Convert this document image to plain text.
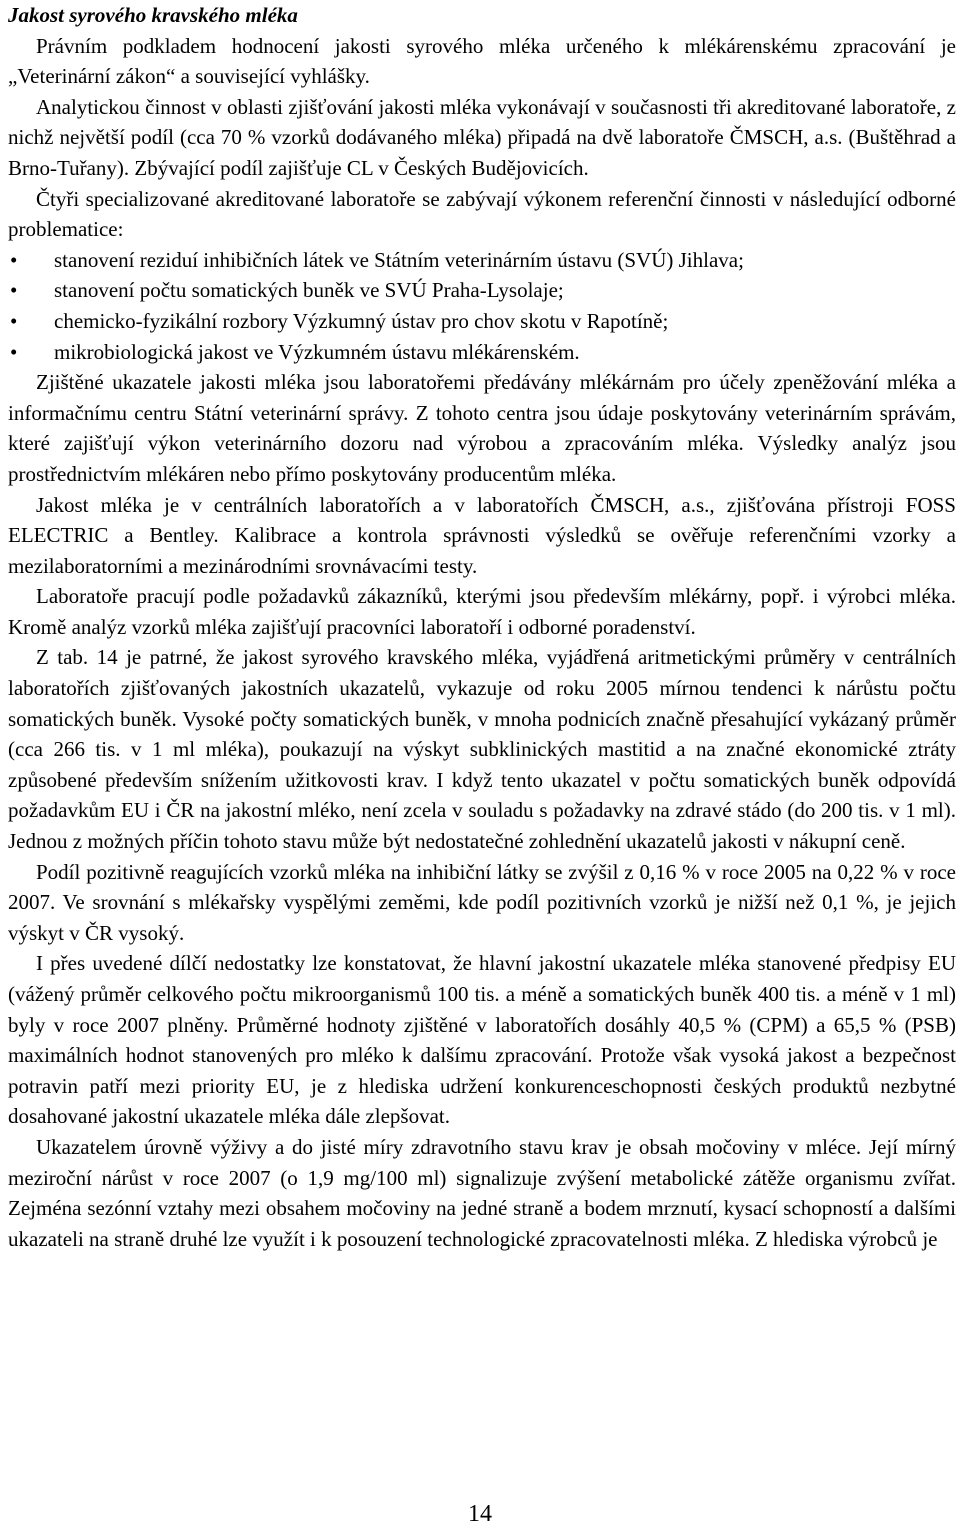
Jakost syrového kravského mléka

Právním podkladem hodnocení jakosti syrového mléka určeného k mlékárenskému zpracování je „Veterinární zákon“ a související vyhlášky.

Analytickou činnost v oblasti zjišťování jakosti mléka vykonávají v současnosti tři akreditované laboratoře, z nichž největší podíl (cca 70 % vzorků dodávaného mléka) připadá na dvě laboratoře ČMSCH, a.s. (Buštěhrad a Brno-Tuřany). Zbývající podíl zajišťuje CL v Českých Budějovicích.

Čtyři specializované akreditované laboratoře se zabývají výkonem referenční činnosti v následující odborné problematice:

• stanovení reziduí inhibičních látek ve Státním veterinárním ústavu (SVÚ) Jihlava;
• stanovení počtu somatických buněk ve SVÚ Praha-Lysolaje;
• chemicko-fyzikální rozbory Výzkumný ústav pro chov skotu v Rapotíně;
• mikrobiologická jakost ve Výzkumném ústavu mlékárenském.

Zjištěné ukazatele jakosti mléka jsou laboratořemi předávány mlékárnám pro účely zpeněžování mléka a informačnímu centru Státní veterinární správy. Z tohoto centra jsou údaje poskytovány veterinárním správám, které zajišťují výkon veterinárního dozoru nad výrobou a zpracováním mléka. Výsledky analýz jsou prostřednictvím mlékáren nebo přímo poskytovány producentům mléka.

Jakost mléka je v centrálních laboratořích a v laboratořích ČMSCH, a.s., zjišťována přístroji FOSS ELECTRIC a Bentley. Kalibrace a kontrola správnosti výsledků se ověřuje referenčními vzorky a mezilaboratorními a mezinárodními srovnávacími testy.

Laboratoře pracují podle požadavků zákazníků, kterými jsou především mlékárny, popř. i výrobci mléka. Kromě analýz vzorků mléka zajišťují pracovníci laboratoří i odborné poradenství.

Z tab. 14 je patrné, že jakost syrového kravského mléka, vyjádřená aritmetickými průměry v centrálních laboratořích zjišťovaných jakostních ukazatelů, vykazuje od roku 2005 mírnou tendenci k nárůstu počtu somatických buněk. Vysoké počty somatických buněk, v mnoha podnicích značně přesahující vykázaný průměr (cca 266 tis. v 1 ml mléka), poukazují na výskyt subklinických mastitid a na značné ekonomické ztráty způsobené především snížením užitkovosti krav. I když tento ukazatel v počtu somatických buněk odpovídá požadavkům EU i ČR na jakostní mléko, není zcela v souladu s požadavky na zdravé stádo (do 200 tis. v 1 ml). Jednou z možných příčin tohoto stavu může být nedostatečné zohlednění ukazatelů jakosti v nákupní ceně.

Podíl pozitivně reagujících vzorků mléka na inhibiční látky se zvýšil z 0,16 % v roce 2005 na 0,22 % v roce 2007. Ve srovnání s mlékařsky vyspělými zeměmi, kde podíl pozitivních vzorků je nižší než 0,1 %, je jejich výskyt v ČR vysoký.

I přes uvedené dílčí nedostatky lze konstatovat, že hlavní jakostní ukazatele mléka stanovené předpisy EU (vážený průměr celkového počtu mikroorganismů 100 tis. a méně a somatických buněk 400 tis. a méně v 1 ml) byly v roce 2007 plněny. Průměrné hodnoty zjištěné v laboratořích dosáhly 40,5 % (CPM) a 65,5 % (PSB) maximálních hodnot stanovených pro mléko k dalšímu zpracování. Protože však vysoká jakost a bezpečnost potravin patří mezi priority EU, je z hlediska udržení konkurenceschopnosti českých produktů nezbytné dosahované jakostní ukazatele mléka dále zlepšovat.

Ukazatelem úrovně výživy a do jisté míry zdravotního stavu krav je obsah močoviny v mléce. Její mírný meziroční nárůst v roce 2007 (o 1,9 mg/100 ml) signalizuje zvýšení metabolické zátěže organismu zvířat. Zejména sezónní vztahy mezi obsahem močoviny na jedné straně a bodem mrznutí, kysací schopností a dalšími ukazateli na straně druhé lze využít i k posouzení technologické zpracovatelnosti mléka. Z hlediska výrobců je

14
